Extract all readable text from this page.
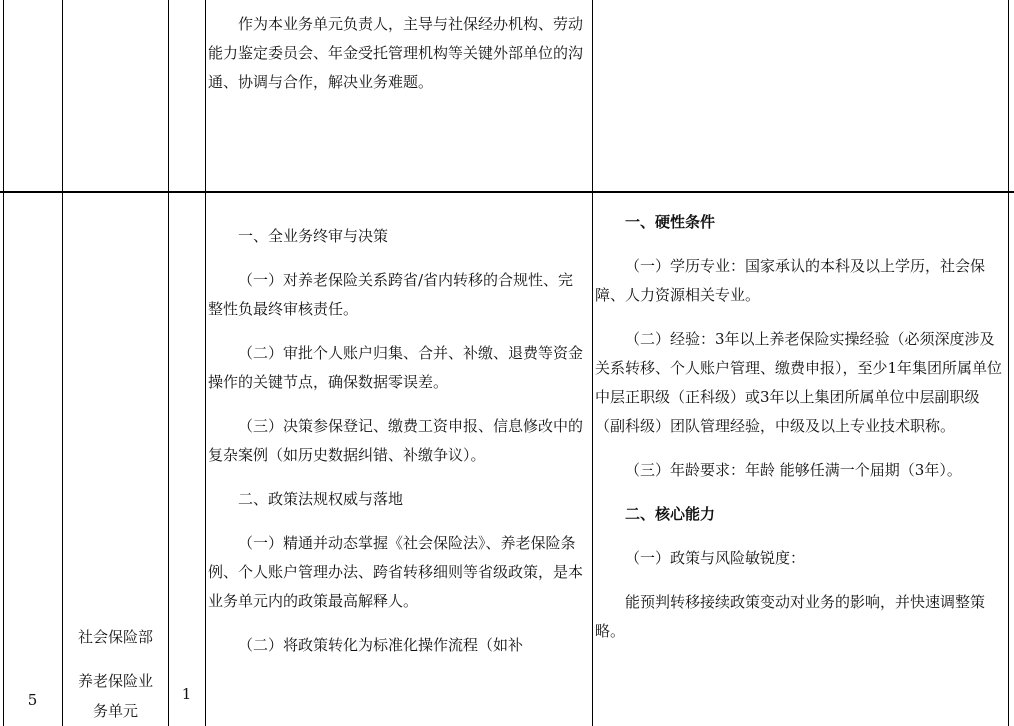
作为本业务单元负责人，主导与社保经办机构、劳动能力鉴定委员会、年金受托管理机构等关键外部单位的沟通、协调与合作，解决业务难题。

5
社会保险部
养老保险业务单元
1

一、全业务终审与决策

（一）对养老保险关系跨省/省内转移的合规性、完整性负最终审核责任。

（二）审批个人账户归集、合并、补缴、退费等资金操作的关键节点，确保数据零误差。

（三）决策参保登记、缴费工资申报、信息修改中的复杂案例（如历史数据纠错、补缴争议）。

二、政策法规权威与落地

（一）精通并动态掌握《社会保险法》、养老保险条例、个人账户管理办法、跨省转移细则等省级政策，是本业务单元内的政策最高解释人。

（二）将政策转化为标准化操作流程（如补

一、硬性条件

（一）学历专业：国家承认的本科及以上学历，社会保障、人力资源相关专业。

（二）经验：3年以上养老保险实操经验（必须深度涉及关系转移、个人账户管理、缴费申报），至少1年集团所属单位中层正职级（正科级）或3年以上集团所属单位中层副职级（副科级）团队管理经验，中级及以上专业技术职称。

（三）年龄要求：年龄 能够任满一个届期（3年）。

二、核心能力

（一）政策与风险敏锐度：

能预判转移接续政策变动对业务的影响，并快速调整策略。
